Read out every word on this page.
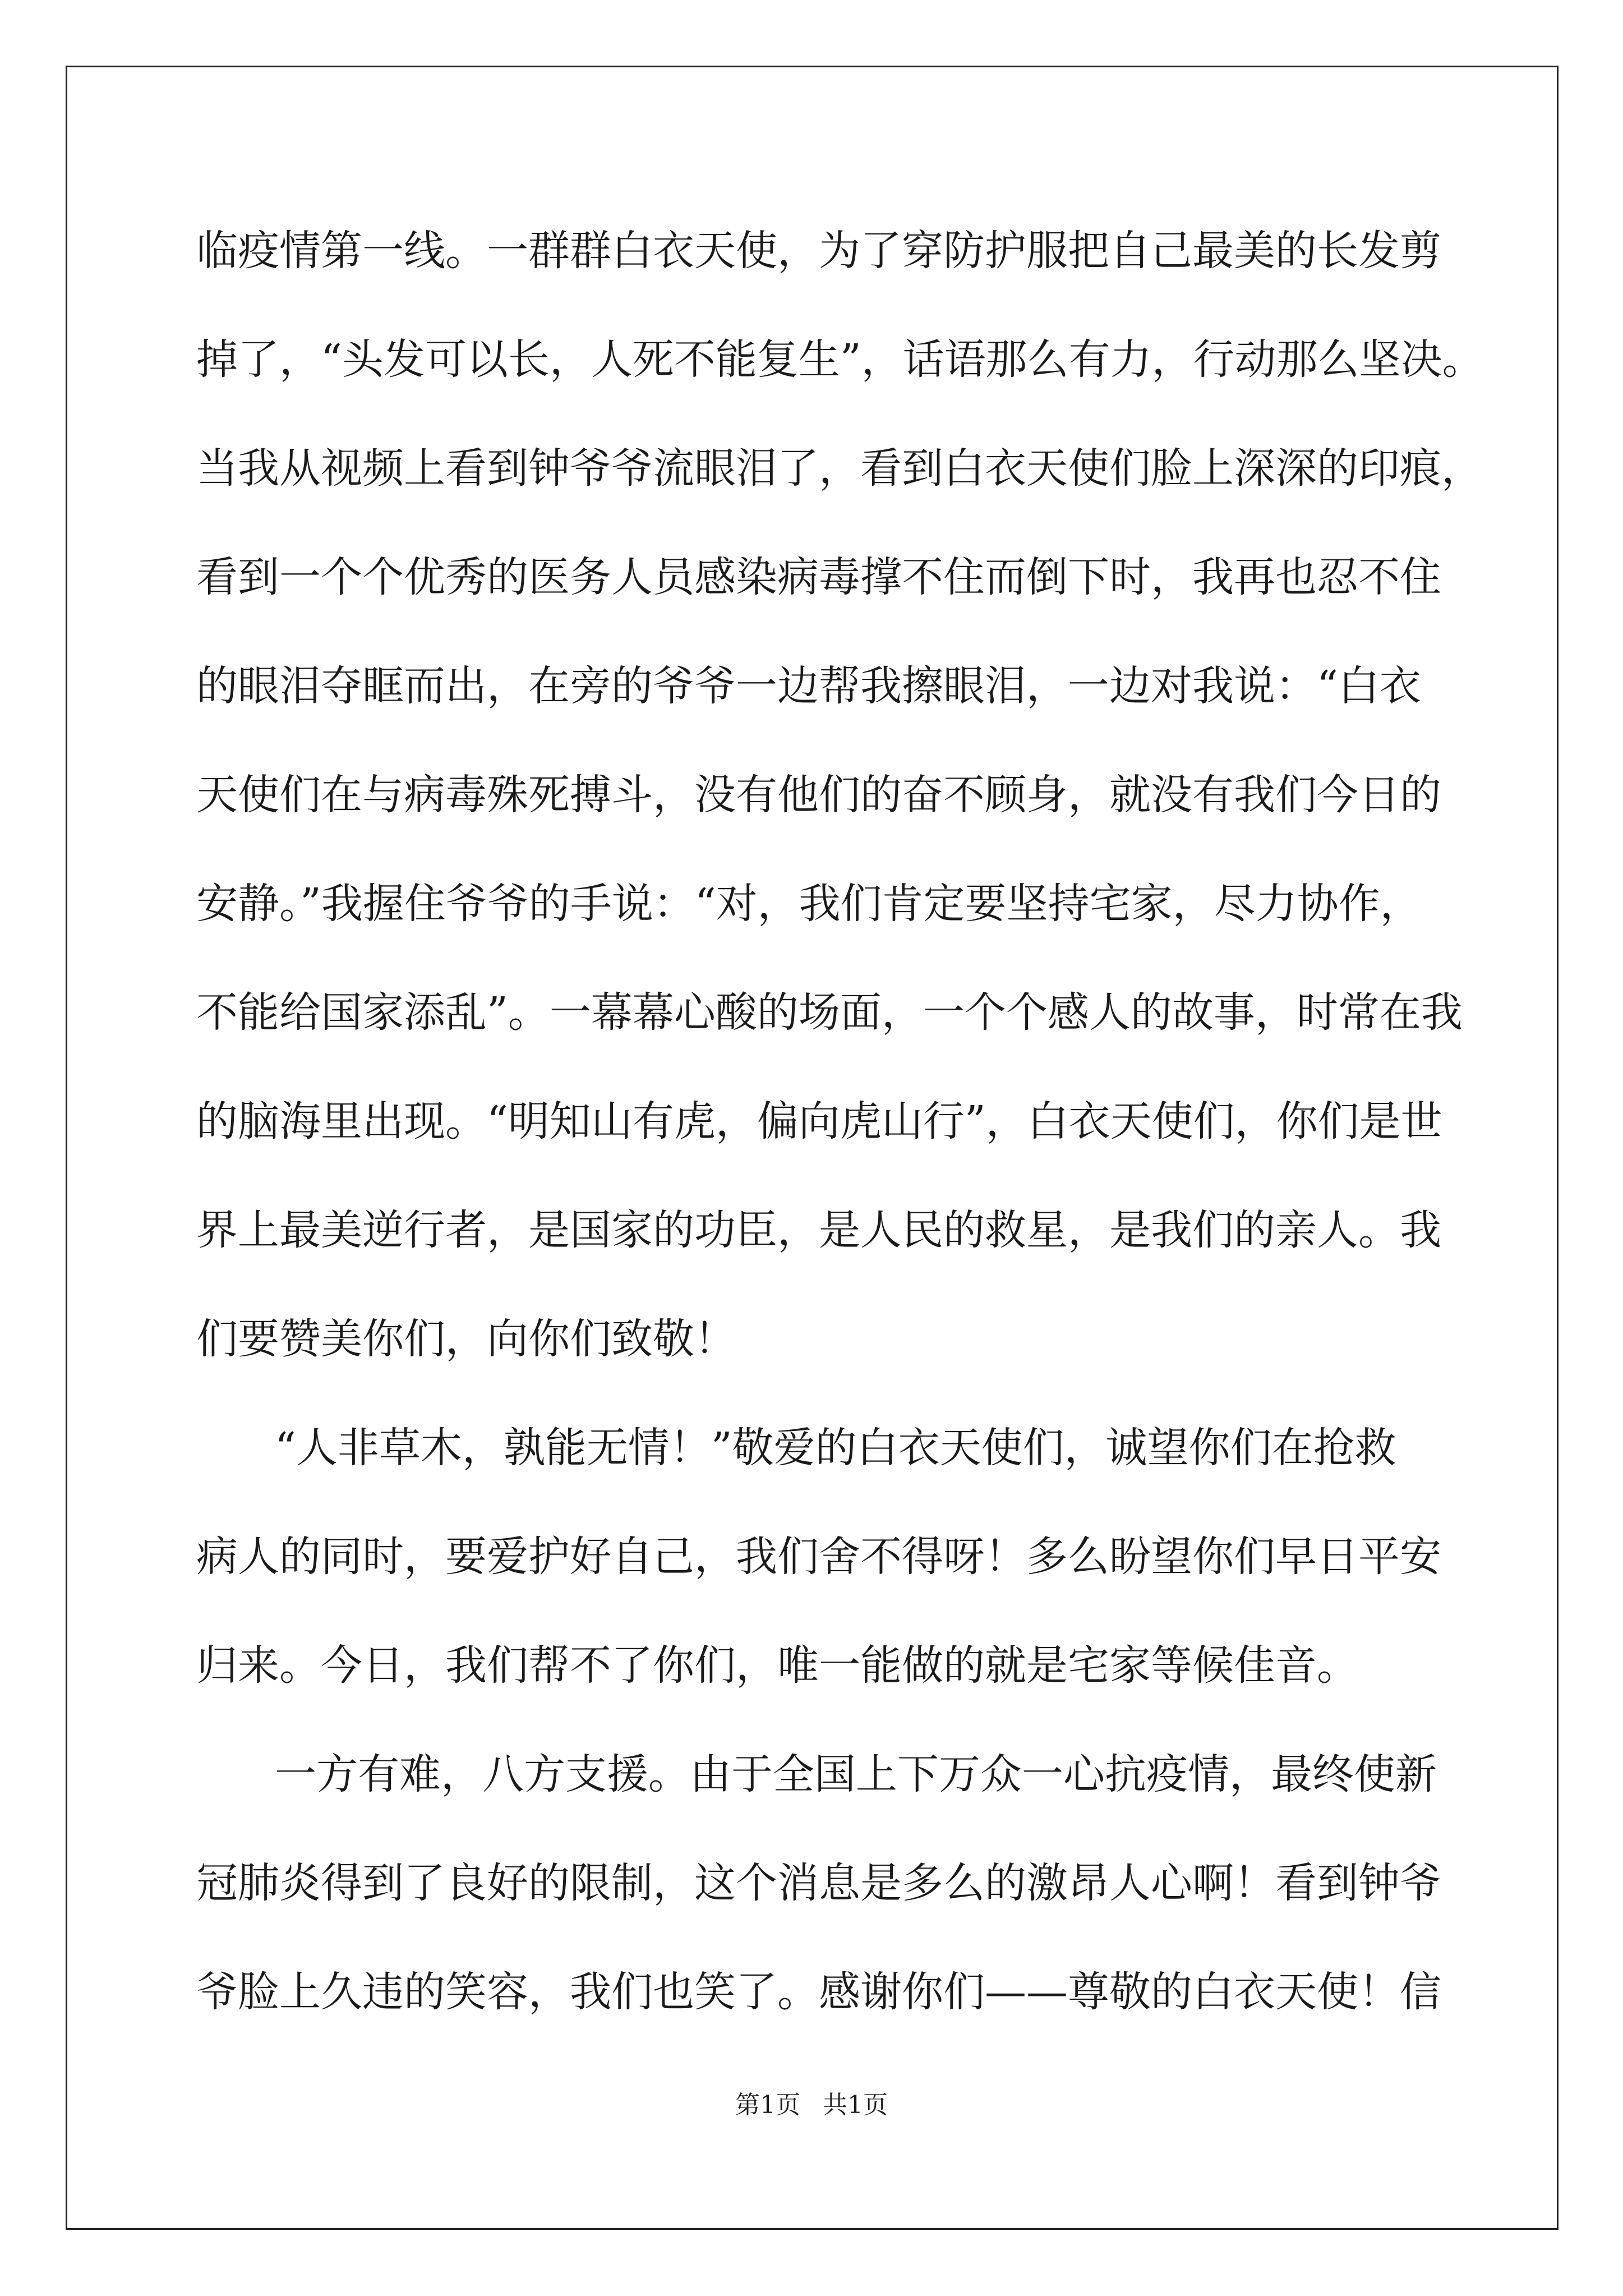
临疫情第一线。一群群白衣天使，为了穿防护服把自己最美的长发剪
掉了，“头发可以长，人死不能复生”，话语那么有力，行动那么坚决。
当我从视频上看到钟爷爷流眼泪了，看到白衣天使们脸上深深的印痕，
看到一个个优秀的医务人员感染病毒撑不住而倒下时，我再也忍不住
的眼泪夺眶而出，在旁的爷爷一边帮我擦眼泪，一边对我说：“白衣
天使们在与病毒殊死搏斗，没有他们的奋不顾身，就没有我们今日的
安静。”我握住爷爷的手说：“对，我们肯定要坚持宅家，尽力协作，
不能给国家添乱”。一幕幕心酸的场面，一个个感人的故事，时常在我
的脑海里出现。“明知山有虎，偏向虎山行”，白衣天使们，你们是世
界上最美逆行者，是国家的功臣，是人民的救星，是我们的亲人。我
们要赞美你们，向你们致敬！
“人非草木，孰能无情！”敬爱的白衣天使们，诚望你们在抢救
病人的同时，要爱护好自己，我们舍不得呀！多么盼望你们早日平安
归来。今日，我们帮不了你们，唯一能做的就是宅家等候佳音。
一方有难，八方支援。由于全国上下万众一心抗疫情，最终使新
冠肺炎得到了良好的限制，这个消息是多么的激昂人心啊！看到钟爷
爷脸上久违的笑容，我们也笑了。感谢你们——尊敬的白衣天使！信
第1页 共1页
